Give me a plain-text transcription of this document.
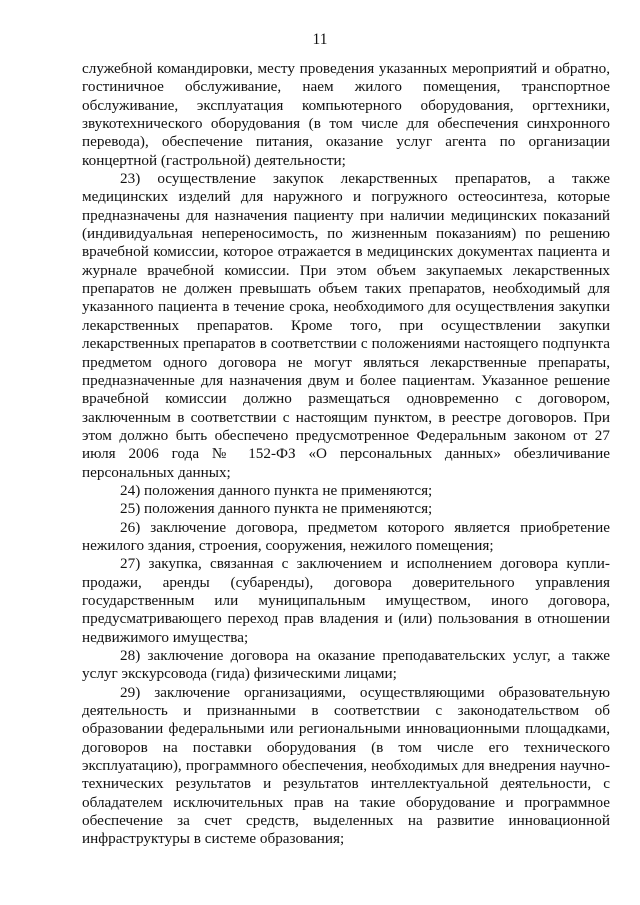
11

служебной командировки, месту проведения указанных мероприятий и обратно, гостиничное обслуживание, наем жилого помещения, транспортное обслуживание, эксплуатация компьютерного оборудования, оргтехники, звукотехнического оборудования (в том числе для обеспечения синхронного перевода), обеспечение питания, оказание услуг агента по организации концертной (гастрольной) деятельности;

23) осуществление закупок лекарственных препаратов, а также медицинских изделий для наружного и погружного остеосинтеза, которые предназначены для назначения пациенту при наличии медицинских показаний (индивидуальная непереносимость, по жизненным показаниям) по решению врачебной комиссии, которое отражается в медицинских документах пациента и журнале врачебной комиссии. При этом объем закупаемых лекарственных препаратов не должен превышать объем таких препаратов, необходимый для указанного пациента в течение срока, необходимого для осуществления закупки лекарственных препаратов. Кроме того, при осуществлении закупки лекарственных препаратов в соответствии с положениями настоящего подпункта предметом одного договора не могут являться лекарственные препараты, предназначенные для назначения двум и более пациентам. Указанное решение врачебной комиссии должно размещаться одновременно с договором, заключенным в соответствии с настоящим пунктом, в реестре договоров. При этом должно быть обеспечено предусмотренное Федеральным законом от 27 июля 2006 года № 152-ФЗ «О персональных данных» обезличивание персональных данных;

24) положения данного пункта не применяются;

25) положения данного пункта не применяются;

26) заключение договора, предметом которого является приобретение нежилого здания, строения, сооружения, нежилого помещения;

27) закупка, связанная с заключением и исполнением договора купли-продажи, аренды (субаренды), договора доверительного управления государственным или муниципальным имуществом, иного договора, предусматривающего переход прав владения и (или) пользования в отношении недвижимого имущества;

28) заключение договора на оказание преподавательских услуг, а также услуг экскурсовода (гида) физическими лицами;

29) заключение организациями, осуществляющими образовательную деятельность и признанными в соответствии с законодательством об образовании федеральными или региональными инновационными площадками, договоров на поставки оборудования (в том числе его технического эксплуатацию), программного обеспечения, необходимых для внедрения научно-технических результатов и результатов интеллектуальной деятельности, с обладателем исключительных прав на такие оборудование и программное обеспечение за счет средств, выделенных на развитие инновационной инфраструктуры в системе образования;
